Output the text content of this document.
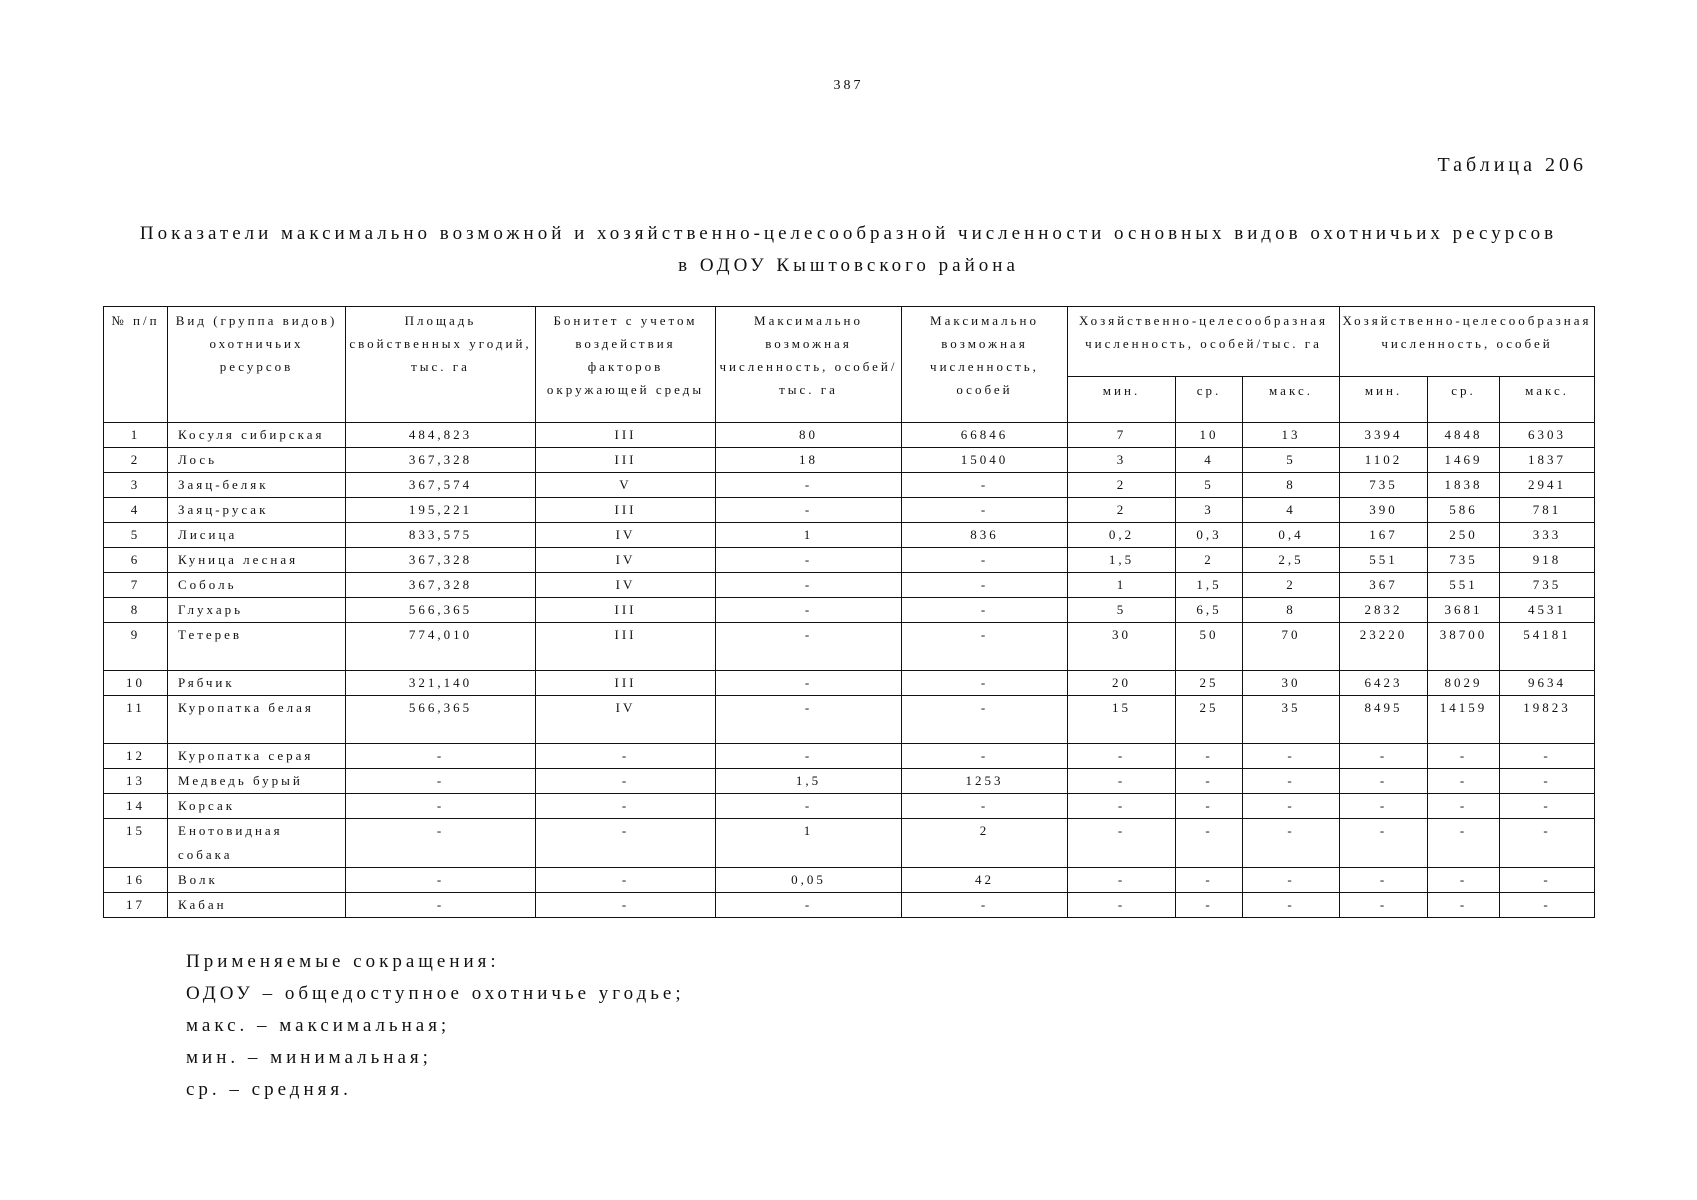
387
Таблица 206
Показатели максимально возможной и хозяйственно-целесообразной численности основных видов охотничьих ресурсов
в ОДОУ Кыштовского района
№ п/п	Вид (группа видов) охотничьих ресурсов	Площадь свойственных угодий, тыс. га	Бонитет с учетом воздействия факторов окружающей среды	Максимально возможная численность, особей/тыс. га	Максимально возможная численность, особей	Хозяйственно-целесообразная численность, особей/тыс. га			Хозяйственно-целесообразная численность, особей		
						мин.	ср.	макс.	мин.	ср.	макс.
1	Косуля сибирская	484,823	III	80	66846	7	10	13	3394	4848	6303
2	Лось	367,328	III	18	15040	3	4	5	1102	1469	1837
3	Заяц-беляк	367,574	V	-	-	2	5	8	735	1838	2941
4	Заяц-русак	195,221	III	-	-	2	3	4	390	586	781
5	Лисица	833,575	IV	1	836	0,2	0,3	0,4	167	250	333
6	Куница лесная	367,328	IV	-	-	1,5	2	2,5	551	735	918
7	Соболь	367,328	IV	-	-	1	1,5	2	367	551	735
8	Глухарь	566,365	III	-	-	5	6,5	8	2832	3681	4531
9	Тетерев	774,010	III	-	-	30	50	70	23220	38700	54181
10	Рябчик	321,140	III	-	-	20	25	30	6423	8029	9634
11	Куропатка белая	566,365	IV	-	-	15	25	35	8495	14159	19823
12	Куропатка серая	-	-	-	-	-	-	-	-	-	-
13	Медведь бурый	-	-	1,5	1253	-	-	-	-	-	-
14	Корсак	-	-	-	-	-	-	-	-	-	-
15	Енотовидная собака	-	-	1	2	-	-	-	-	-	-
16	Волк	-	-	0,05	42	-	-	-	-	-	-
17	Кабан	-	-	-	-	-	-	-	-	-	-
Применяемые сокращения:
ОДОУ – общедоступное охотничье угодье;
макс. – максимальная;
мин. – минимальная;
ср. – средняя.
